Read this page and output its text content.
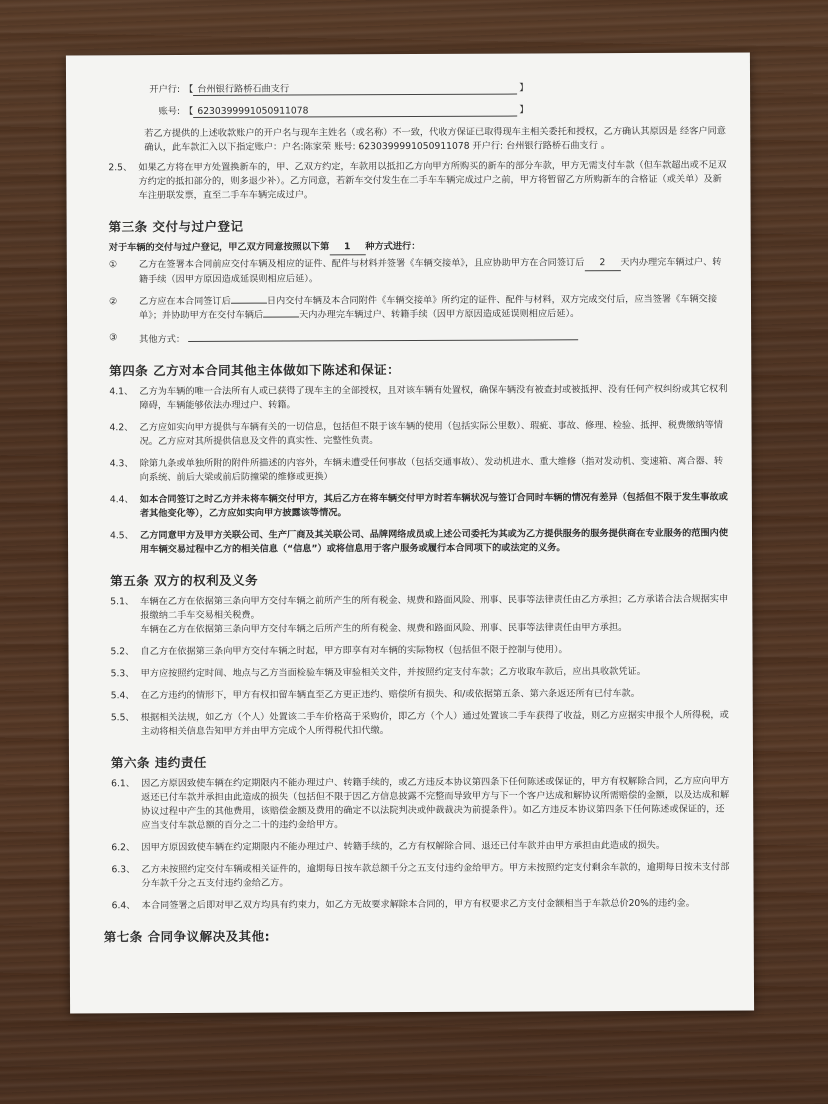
开户行: 【 台州银行路桥石曲支行	】
账号: 【 6230399991050911078	】

若乙方提供的上述收款账户的开户名与现车主姓名（或名称）不一致，代收方保证已取得现车主相关委托和授权，乙方确认其原因是 经客户同意确认，此车款汇入以下指定账户：户名:陈家荣 账号: 6230399991050911078 开户行: 台州银行路桥石曲支行 。

2.5、 如果乙方将在甲方处置换新车的，甲、乙双方约定，车款用以抵扣乙方向甲方所购买的新车的部分车款，甲方无需支付车款（但车款超出或不足双方约定的抵扣部分的，则多退少补）。乙方同意，若新车交付发生在二手车车辆完成过户之前，甲方将暂留乙方所购新车的合格证（或关单）及新车注册联发票，直至二手车车辆完成过户。
第三条 交付与过户登记
对于车辆的交付与过户登记，甲乙双方同意按照以下第 1 种方式进行：
①	乙方在签署本合同前应交付车辆及相应的证件、配件与材料并签署《车辆交接单》，且应协助甲方在合同签订后 2 天内办理完车辆过户、转籍手续（因甲方原因造成延误则相应后延）。
②	乙方应在本合同签订后	日内交付车辆及本合同附件《车辆交接单》所约定的证件、配件与材料，双方完成交付后，应当签署《车辆交接单》；并协助甲方在交付车辆后	天内办理完车辆过户、转籍手续（因甲方原因造成延误则相应后延）。
③	其他方式：
第四条 乙方对本合同其他主体做如下陈述和保证：
4.1、 乙方为车辆的唯一合法所有人或已获得了现车主的全部授权，且对该车辆有处置权，确保车辆没有被查封或被抵押、没有任何产权纠纷或其它权利障碍，车辆能够依法办理过户、转籍。
4.2、 乙方应如实向甲方提供与车辆有关的一切信息，包括但不限于该车辆的使用（包括实际公里数）、瑕疵、事故、修理、检验、抵押、税费缴纳等情况。乙方应对其所提供信息及文件的真实性、完整性负责。
4.3、 除第九条或单独所附的附件所描述的内容外，车辆未遭受任何事故（包括交通事故）、发动机进水、重大维修（指对发动机、变速箱、离合器、转向系统、前后大梁或前后防撞梁的维修或更换）
4.4、 如本合同签订之时乙方并未将车辆交付甲方，其后乙方在将车辆交付甲方时若车辆状况与签订合同时车辆的情况有差异（包括但不限于发生事故或者其他变化等），乙方应如实向甲方披露该等情况。
4.5、 乙方同意甲方及甲方关联公司、生产厂商及其关联公司、品牌网络成员或上述公司委托为其或为乙方提供服务的服务提供商在专业服务的范围内使用车辆交易过程中乙方的相关信息（“信息”）或将信息用于客户服务或履行本合同项下的或法定的义务。
第五条 双方的权利及义务
5.1、 车辆在乙方在依据第三条向甲方交付车辆之前所产生的所有税金、规费和路面风险、刑事、民事等法律责任由乙方承担；乙方承诺合法合规据实申报缴纳二手车交易相关税费。
车辆在乙方在依据第三条向甲方交付车辆之后所产生的所有税金、规费和路面风险、刑事、民事等法律责任由甲方承担。
5.2、 自乙方在依据第三条向甲方交付车辆之时起，甲方即享有对车辆的实际物权（包括但不限于控制与使用）。
5.3、 甲方应按照约定时间、地点与乙方当面检验车辆及审验相关文件，并按照约定支付车款；乙方收取车款后，应出具收款凭证。
5.4、 在乙方违约的情形下，甲方有权扣留车辆直至乙方更正违约、赔偿所有损失、和/或依据第五条、第六条返还所有已付车款。
5.5、 根据相关法规，如乙方（个人）处置该二手车价格高于采购价，即乙方（个人）通过处置该二手车获得了收益，则乙方应据实申报个人所得税，或主动将相关信息告知甲方并由甲方完成个人所得税代扣代缴。
第六条 违约责任
6.1、 因乙方原因致使车辆在约定期限内不能办理过户、转籍手续的，或乙方违反本协议第四条下任何陈述或保证的，甲方有权解除合同，乙方应向甲方返还已付车款并承担由此造成的损失（包括但不限于因乙方信息披露不完整而导致甲方与下一个客户达成和解协议所需赔偿的金额，以及达成和解协议过程中产生的其他费用，该赔偿金额及费用的确定不以法院判决或仲裁裁决为前提条件）。如乙方违反本协议第四条下任何陈述或保证的，还应当支付车款总额的百分之二十的违约金给甲方。
6.2、 因甲方原因致使车辆在约定期限内不能办理过户、转籍手续的，乙方有权解除合同、退还已付车款并由甲方承担由此造成的损失。
6.3、 乙方未按照约定交付车辆或相关证件的，逾期每日按车款总额千分之五支付违约金给甲方。甲方未按照约定支付剩余车款的，逾期每日按未支付部分车款千分之五支付违约金给乙方。
6.4、 本合同签署之后即对甲乙双方均具有约束力，如乙方无故要求解除本合同的，甲方有权要求乙方支付金额相当于车款总价20%的违约金。
第七条 合同争议解决及其他:
